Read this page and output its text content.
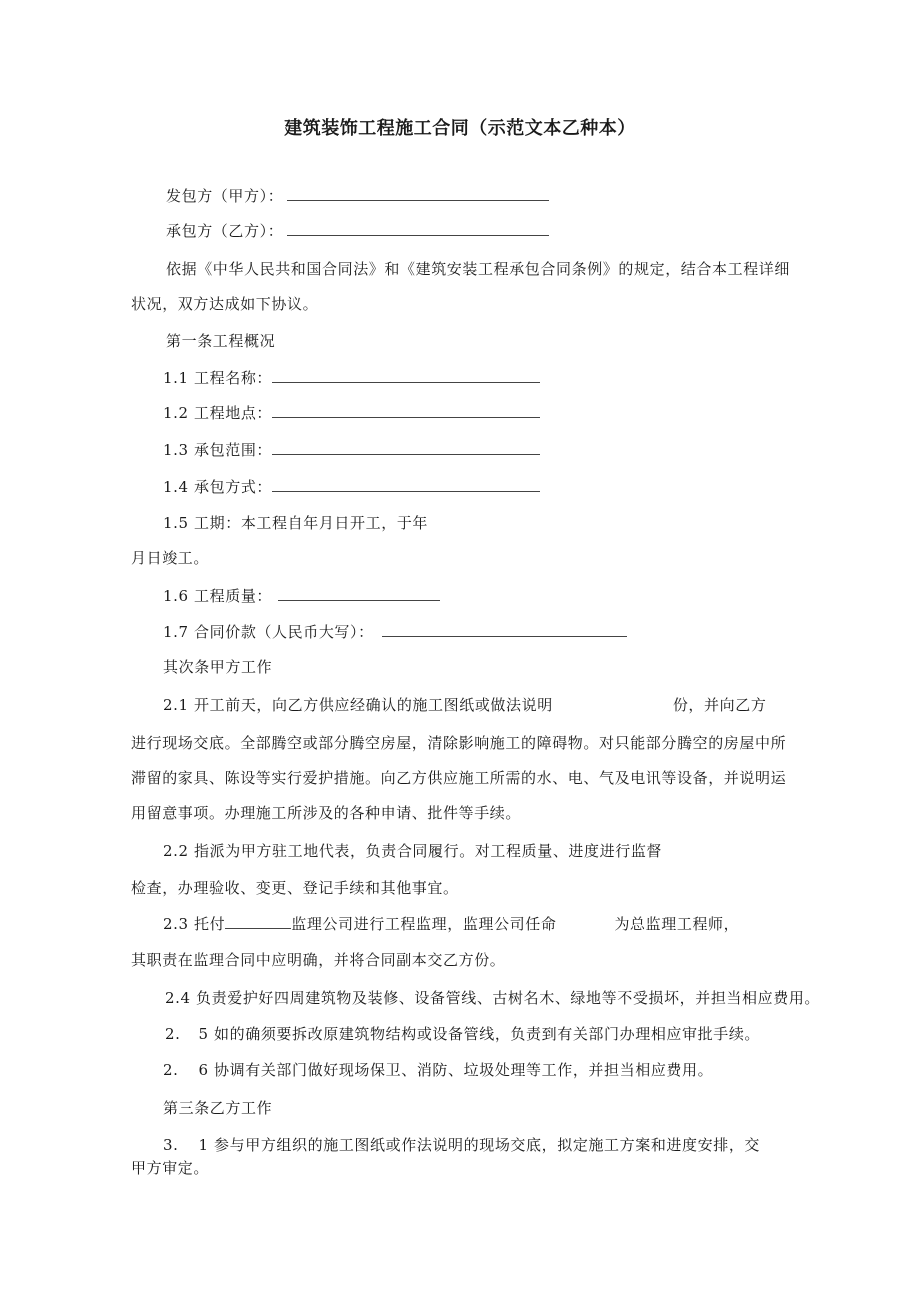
建筑装饰工程施工合同（示范文本乙种本）
发包方（甲方）：
承包方（乙方）：
依据《中华人民共和国合同法》和《建筑安装工程承包合同条例》的规定，结合本工程详细
状况，双方达成如下协议。
第一条工程概况
1.1 工程名称：
1.2 工程地点：
1.3 承包范围：
1.4 承包方式：
1.5 工期：本工程自年月日开工，于年
月日竣工。
1.6 工程质量：
1.7 合同价款（人民币大写）：
其次条甲方工作
2.1 开工前天，向乙方供应经确认的施工图纸或做法说明	份，并向乙方
进行现场交底。全部腾空或部分腾空房屋，清除影响施工的障碍物。对只能部分腾空的房屋中所
滞留的家具、陈设等实行爱护措施。向乙方供应施工所需的水、电、气及电讯等设备，并说明运
用留意事项。办理施工所涉及的各种申请、批件等手续。
2.2 指派为甲方驻工地代表，负责合同履行。对工程质量、进度进行监督
检查，办理验收、变更、登记手续和其他事宜。
2.3 托付	监理公司进行工程监理，监理公司任命	为总监理工程师，
其职责在监理合同中应明确，并将合同副本交乙方份。
2.4 负责爱护好四周建筑物及装修、设备管线、古树名木、绿地等不受损坏，并担当相应费用。
2. 5 如的确须要拆改原建筑物结构或设备管线，负责到有关部门办理相应审批手续。
2. 6 协调有关部门做好现场保卫、消防、垃圾处理等工作，并担当相应费用。
第三条乙方工作
3. 1 参与甲方组织的施工图纸或作法说明的现场交底，拟定施工方案和进度安排，交
甲方审定。
